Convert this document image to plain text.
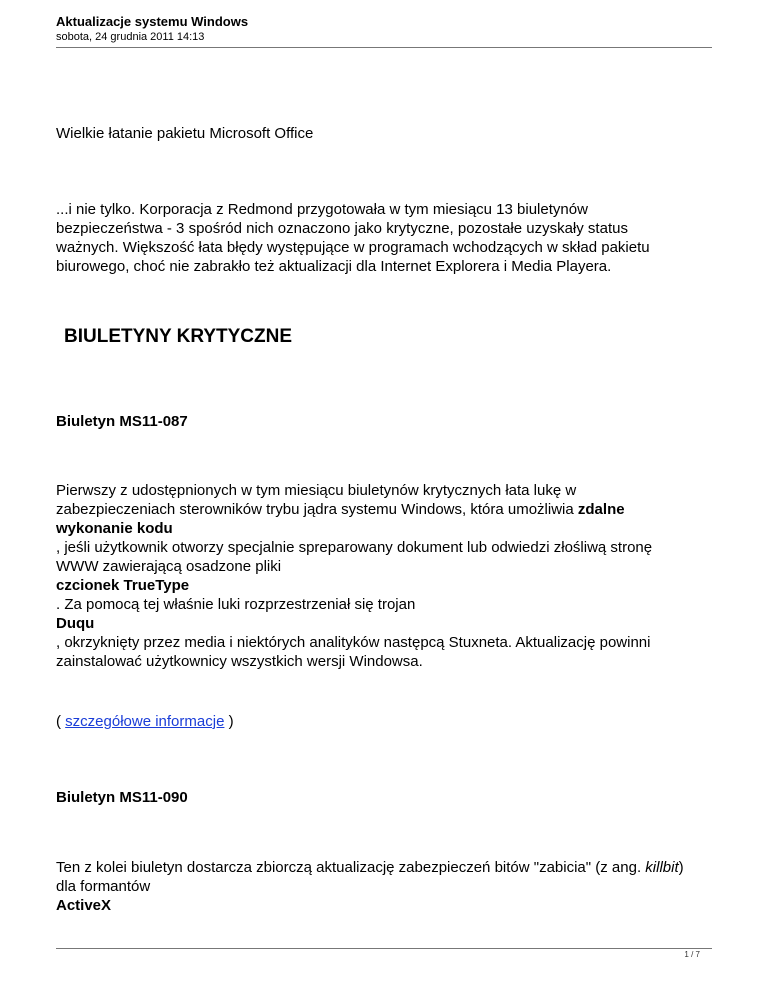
Aktualizacje systemu Windows
sobota, 24 grudnia 2011 14:13
Wielkie łatanie pakietu Microsoft Office
...i nie tylko. Korporacja z Redmond przygotowała w tym miesiącu 13 biuletynów
bezpieczeństwa - 3 spośród nich oznaczono jako krytyczne, pozostałe uzyskały status
ważnych. Większość łata błędy występujące w programach wchodzących w skład pakietu
biurowego, choć nie zabrakło też aktualizacji dla Internet Explorera i Media Playera.
BIULETYNY KRYTYCZNE
Biuletyn MS11-087
Pierwszy z udostępnionych w tym miesiącu biuletynów krytycznych łata lukę w
zabezpieczeniach sterowników trybu jądra systemu Windows, która umożliwia zdalne
wykonanie kodu
, jeśli użytkownik otworzy specjalnie spreparowany dokument lub odwiedzi złośliwą stronę
WWW zawierającą osadzone pliki
czcionek TrueType
. Za pomocą tej właśnie luki rozprzestrzeniał się trojan
Duqu
, okrzyknięty przez media i niektórych analityków następcą Stuxneta. Aktualizację powinni
zainstalować użytkownicy wszystkich wersji Windowsa.
( szczegółowe informacje )
Biuletyn MS11-090
Ten z kolei biuletyn dostarcza zbiorczą aktualizację zabezpieczeń bitów "zabicia" (z ang. killbit)
dla formantów
ActiveX
1 / 7
